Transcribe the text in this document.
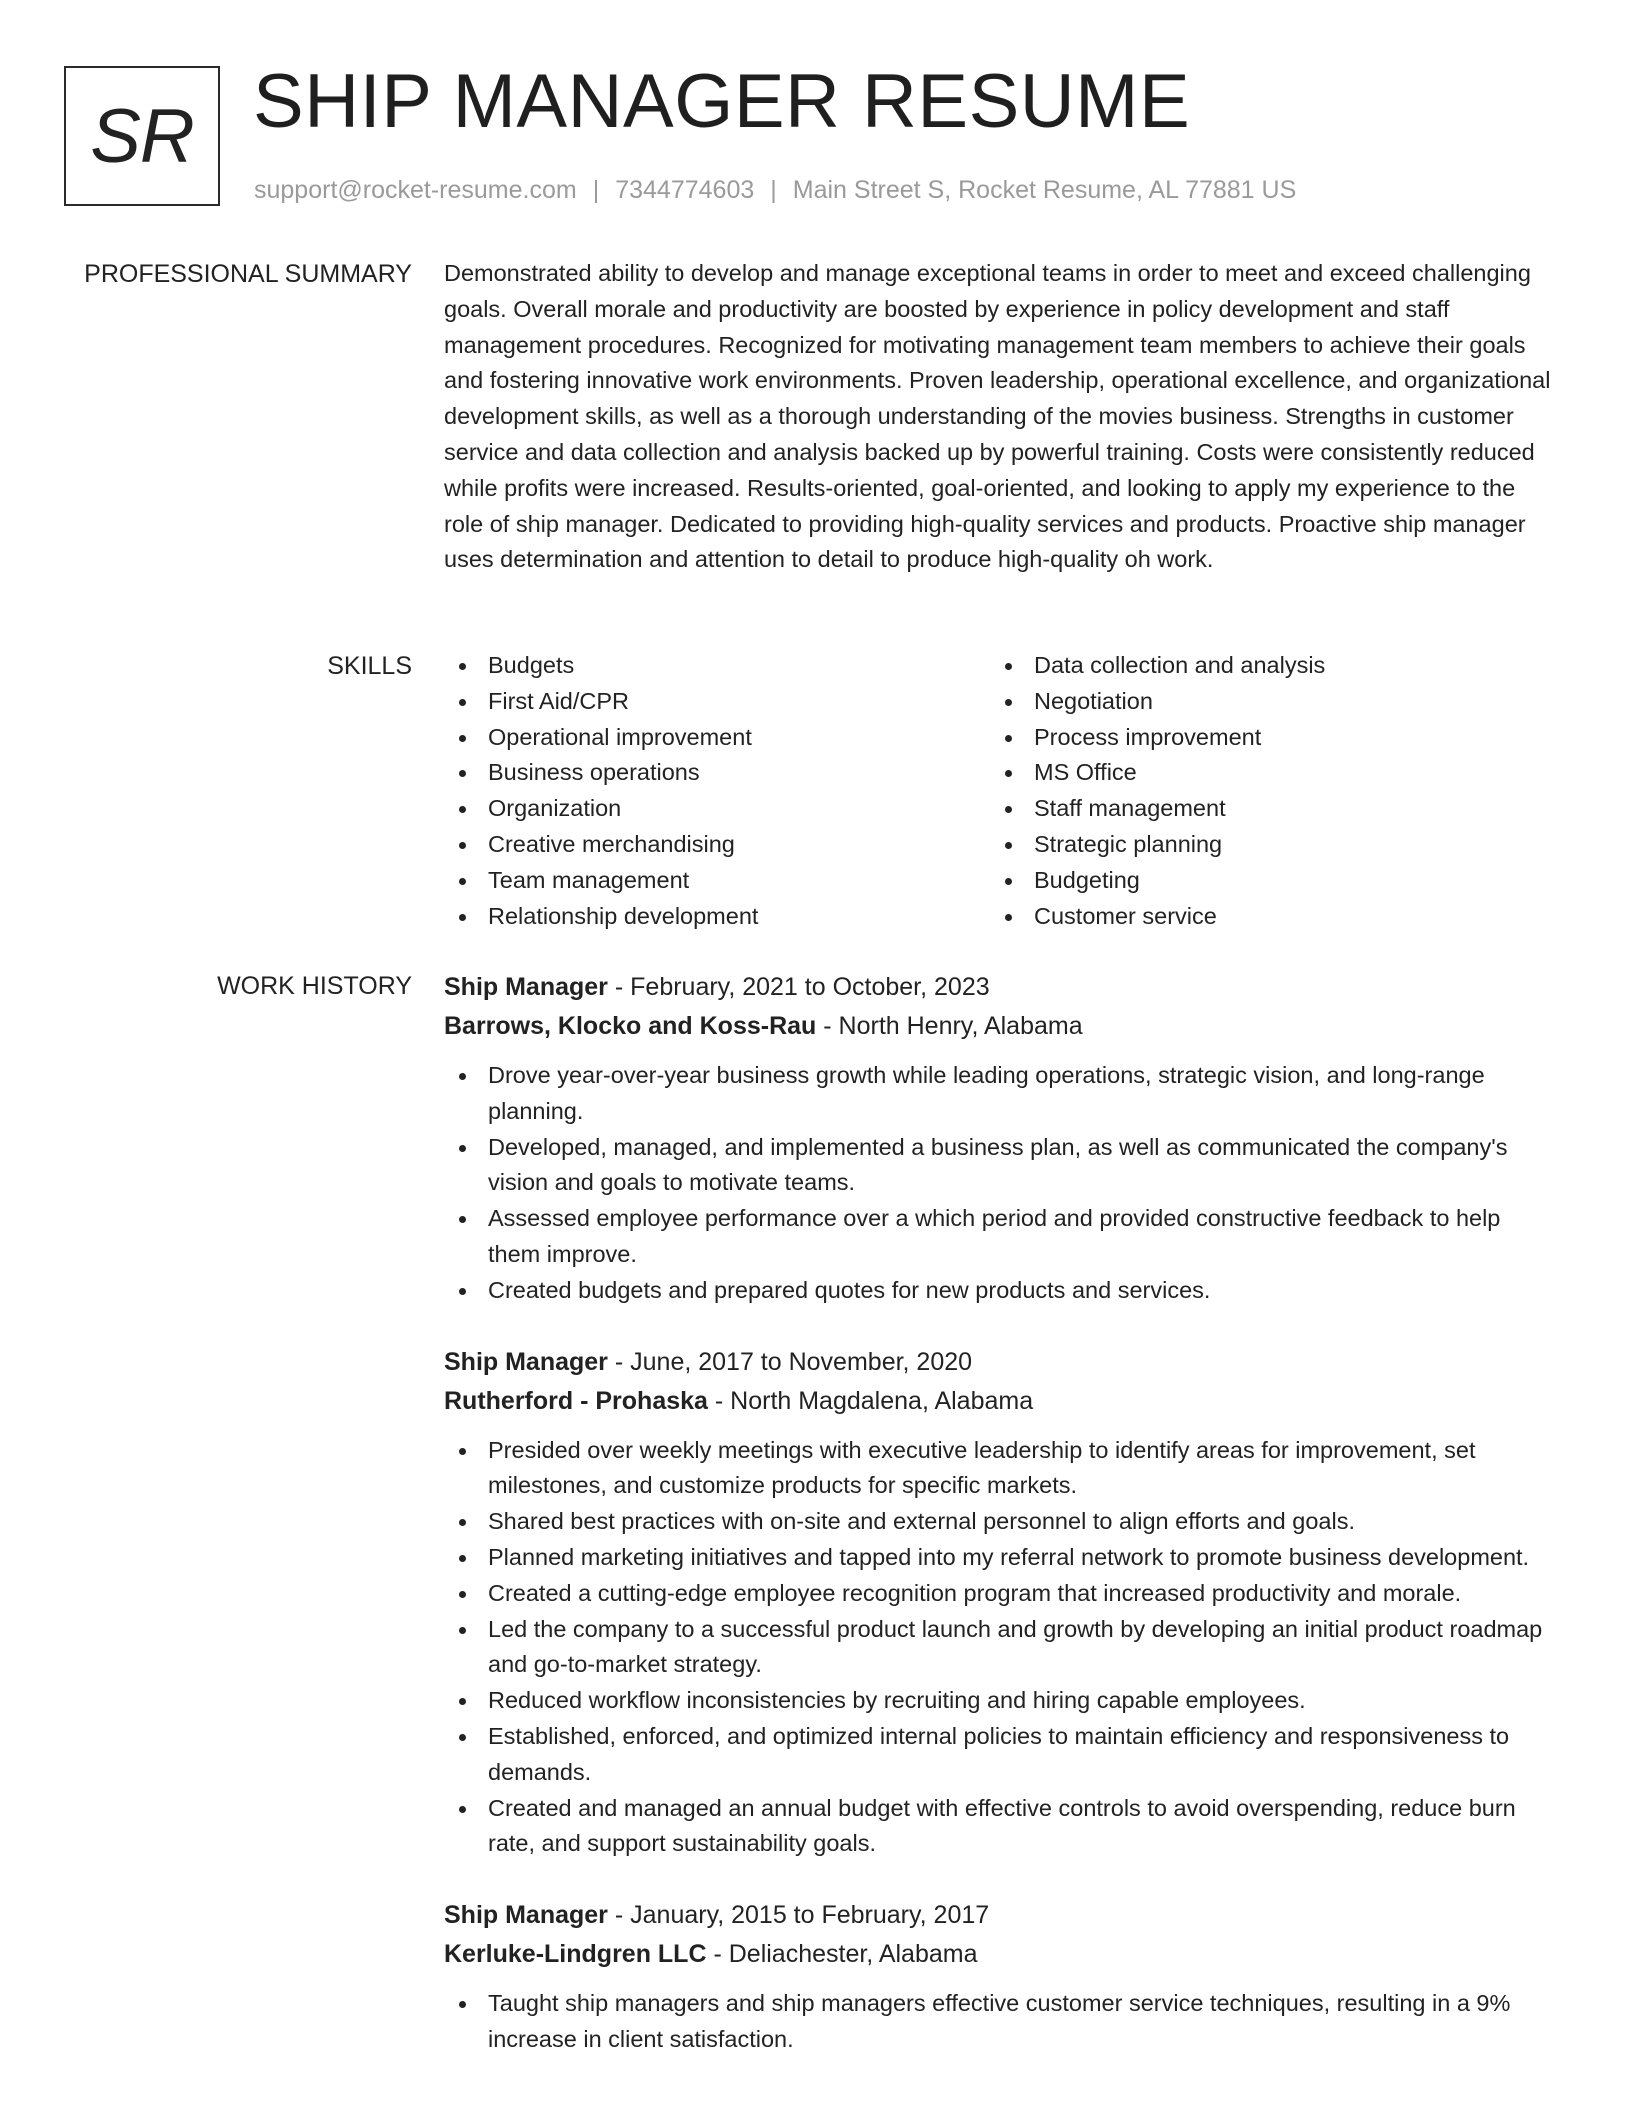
SR SHIP MANAGER RESUME
support@rocket-resume.com | 7344774603 | Main Street S, Rocket Resume, AL 77881 US
PROFESSIONAL SUMMARY Demonstrated ability to develop and manage exceptional teams in order to meet and exceed challenging goals. Overall morale and productivity are boosted by experience in policy development and staff management procedures. Recognized for motivating management team members to achieve their goals and fostering innovative work environments. Proven leadership, operational excellence, and organizational development skills, as well as a thorough understanding of the movies business. Strengths in customer service and data collection and analysis backed up by powerful training. Costs were consistently reduced while profits were increased. Results-oriented, goal-oriented, and looking to apply my experience to the role of ship manager. Dedicated to providing high-quality services and products. Proactive ship manager uses determination and attention to detail to produce high-quality oh work.

SKILLS	Budgets
First Aid/CPR
Operational improvement
Business operations
Organization
Creative merchandising
Team management
Relationship development
Data collection and analysis
Negotiation
Process improvement
MS Office
Staff management
Strategic planning
Budgeting
Customer service
WORK HISTORY Ship Manager - February, 2021 to October, 2023
Barrows, Klocko and Koss-Rau - North Henry, Alabama
Drove year-over-year business growth while leading operations, strategic vision, and long-range planning.
Developed, managed, and implemented a business plan, as well as communicated the company's vision and goals to motivate teams.
Assessed employee performance over a which period and provided constructive feedback to help them improve.
Created budgets and prepared quotes for new products and services.
Ship Manager - June, 2017 to November, 2020
Rutherford - Prohaska - North Magdalena, Alabama
Presided over weekly meetings with executive leadership to identify areas for improvement, set milestones, and customize products for specific markets.
Shared best practices with on-site and external personnel to align efforts and goals.
Planned marketing initiatives and tapped into my referral network to promote business development.
Created a cutting-edge employee recognition program that increased productivity and morale.
Led the company to a successful product launch and growth by developing an initial product roadmap and go-to-market strategy.
Reduced workflow inconsistencies by recruiting and hiring capable employees.
Established, enforced, and optimized internal policies to maintain efficiency and responsiveness to demands.
Created and managed an annual budget with effective controls to avoid overspending, reduce burn rate, and support sustainability goals.
Ship Manager - January, 2015 to February, 2017
Kerluke-Lindgren LLC - Deliachester, Alabama
Taught ship managers and ship managers effective customer service techniques, resulting in a 9% increase in client satisfaction.
